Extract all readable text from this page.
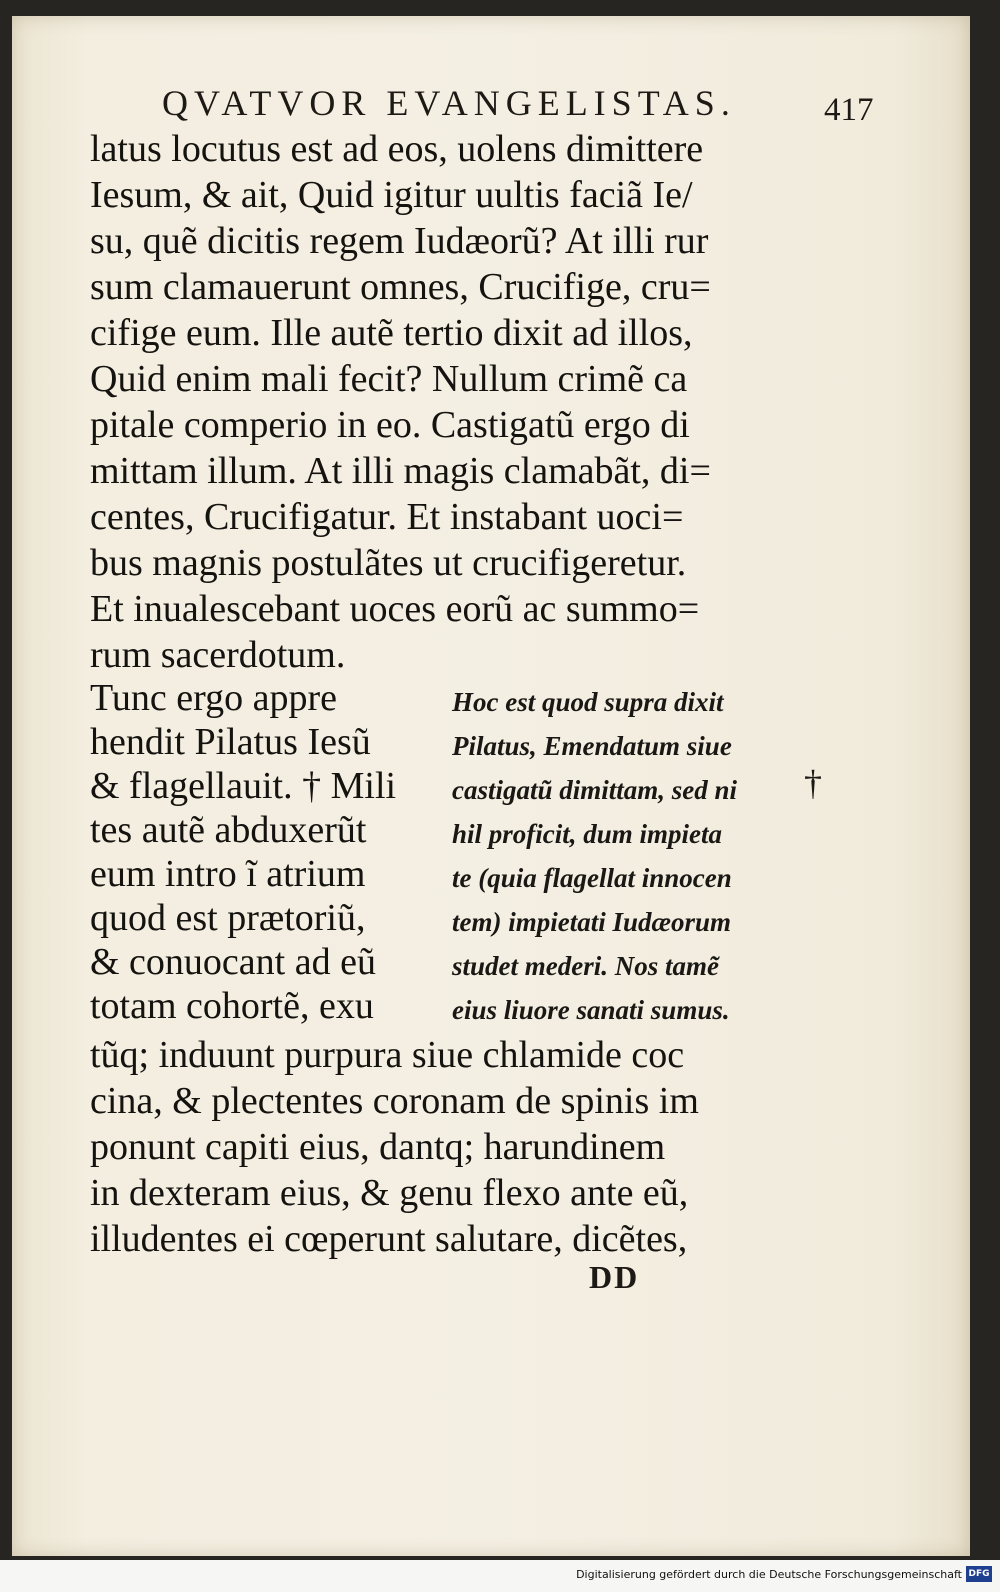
QVATVOR EVANGELISTAS.	417
latus locutus est ad eos, uolens dimittere
Iesum, & ait, Quid igitur uultis faciã Ie/
su, quẽ dicitis regem Iudæorũ? At illi rur
sum clamauerunt omnes, Crucifige, cru=
cifige eum. Ille autẽ tertio dixit ad illos,
Quid enim mali fecit? Nullum crimẽ ca
pitale comperio in eo. Castigatũ ergo di
mittam illum. At illi magis clamabãt, di=
centes, Crucifigatur. Et instabant uoci=
bus magnis postulãtes ut crucifigeretur.
Et inualescebant uoces eorũ ac summo=
rum sacerdotum.
Tunc ergo appre
hendit Pilatus Iesũ
& flagellauit. † Mili
tes autẽ abduxerũt
eum intro ĩ atrium
quod est prætoriũ,
& conuocant ad eũ
totam cohortẽ, exu
Hoc est quod supra dixit
Pilatus, Emendatum siue
castigatũ dimittam, sed ni
hil proficit, dum impieta
te (quia flagellat innocen
tem) impietati Iudæorum
studet mederi. Nos tamẽ
eius liuore sanati sumus.
†
tũq; induunt purpura siue chlamide coc
cina, & plectentes coronam de spinis im
ponunt capiti eius, dantq; harundinem
in dexteram eius, & genu flexo ante eũ,
illudentes ei cœperunt salutare, dicẽtes,
DD
Digitalisierung gefördert durch die Deutsche Forschungsgemeinschaft DFG
